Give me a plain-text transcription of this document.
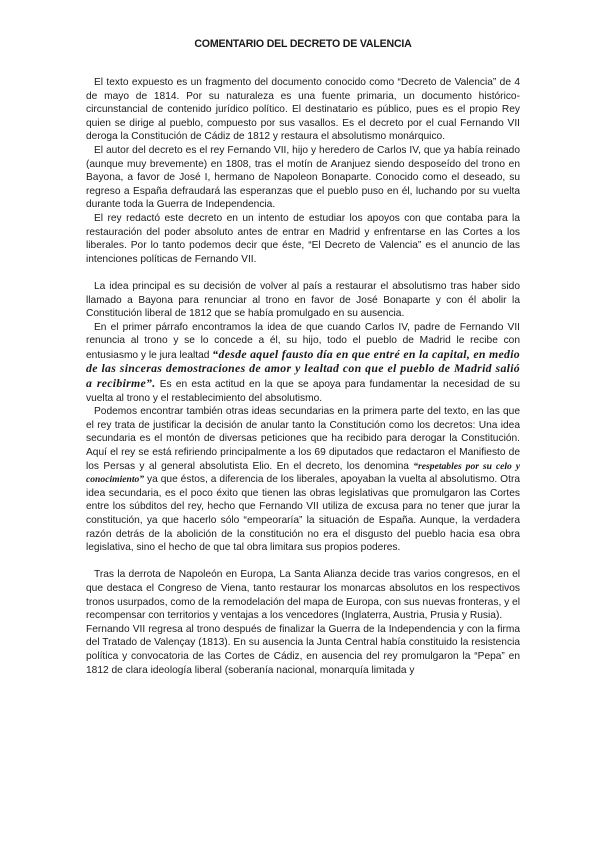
COMENTARIO DEL DECRETO DE VALENCIA

El texto expuesto es un fragmento del documento conocido como “Decreto de Valencia” de 4 de mayo de 1814. Por su naturaleza es una fuente primaria, un documento histórico-circunstancial de contenido jurídico político. El destinatario es público, pues es el propio Rey quien se dirige al pueblo, compuesto por sus vasallos. Es el decreto por el cual Fernando VII deroga la Constitución de Cádiz de 1812 y restaura el absolutismo monárquico.

El autor del decreto es el rey Fernando VII, hijo y heredero de Carlos IV, que ya había reinado (aunque muy brevemente) en 1808, tras el motín de Aranjuez siendo desposeído del trono en Bayona, a favor de José I, hermano de Napoleon Bonaparte. Conocido como el deseado, su regreso a España defraudará las esperanzas que el pueblo puso en él, luchando por su vuelta durante toda la Guerra de Independencia.

El rey redactó este decreto en un intento de estudiar los apoyos con que contaba para la restauración del poder absoluto antes de entrar en Madrid y enfrentarse en las Cortes a los liberales. Por lo tanto podemos decir que éste, “El Decreto de Valencia” es el anuncio de las intenciones políticas de Fernando VII.

La idea principal es su decisión de volver al país a restaurar el absolutismo tras haber sido llamado a Bayona para renunciar al trono en favor de José Bonaparte y con él abolir la Constitución liberal de 1812 que se había promulgado en su ausencia.

En el primer párrafo encontramos la idea de que cuando Carlos IV, padre de Fernando VII renuncia al trono y se lo concede a él, su hijo, todo el pueblo de Madrid le recibe con entusiasmo y le jura lealtad “desde aquel fausto día en que entré en la capital, en medio de las sinceras demostraciones de amor y lealtad con que el pueblo de Madrid salió a recibirme”. Es en esta actitud en la que se apoya para fundamentar la necesidad de su vuelta al trono y el restablecimiento del absolutismo.

Podemos encontrar también otras ideas secundarias en la primera parte del texto, en las que el rey trata de justificar la decisión de anular tanto la Constitución como los decretos: Una idea secundaria es el montón de diversas peticiones que ha recibido para derogar la Constitución. Aquí el rey se está refiriendo principalmente a los 69 diputados que redactaron el Manifiesto de los Persas y al general absolutista Elio. En el decreto, los denomina “respetables por su celo y conocimiento” ya que éstos, a diferencia de los liberales, apoyaban la vuelta al absolutismo. Otra idea secundaria, es el poco éxito que tienen las obras legislativas que promulgaron las Cortes entre los súbditos del rey, hecho que Fernando VII utiliza de excusa para no tener que jurar la constitución, ya que hacerlo sólo “empeoraría” la situación de España. Aunque, la verdadera razón detrás de la abolición de la constitución no era el disgusto del pueblo hacia esa obra legislativa, sino el hecho de que tal obra limitara sus propios poderes.

Tras la derrota de Napoleón en Europa, La Santa Alianza decide tras varios congresos, en el que destaca el Congreso de Viena, tanto restaurar los monarcas absolutos en los respectivos tronos usurpados, como de la remodelación del mapa de Europa, con sus nuevas fronteras, y el recompensar con territorios y ventajas a los vencedores (Inglaterra, Austria, Prusia y Rusia).

Fernando VII regresa al trono después de finalizar la Guerra de la Independencia y con la firma del Tratado de Valençay (1813). En su ausencia la Junta Central había constituido la resistencia política y convocatoria de las Cortes de Cádiz, en ausencia del rey promulgaron la “Pepa” en 1812 de clara ideología liberal (soberanía nacional, monarquía limitada y
